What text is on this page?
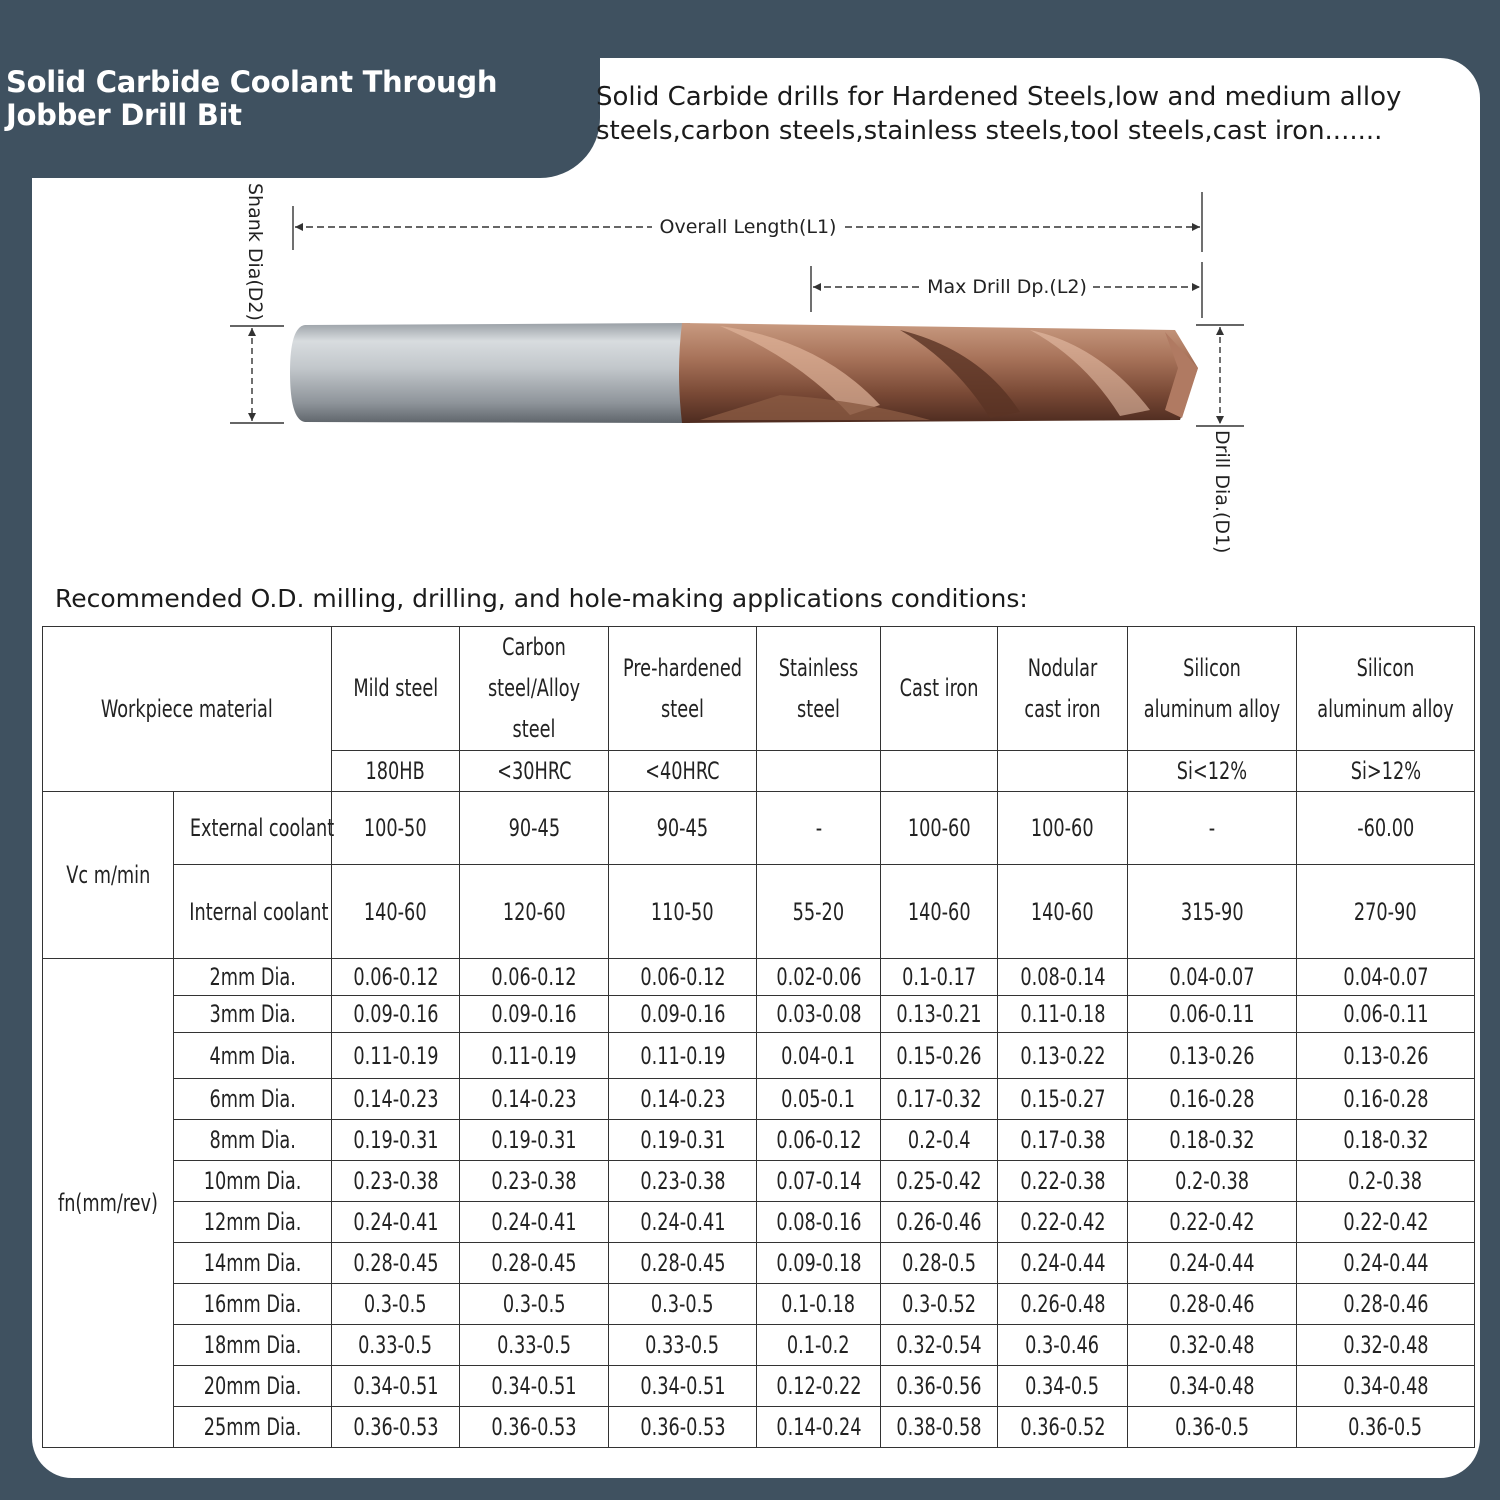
Solid Carbide Coolant Through Jobber Drill Bit

Solid Carbide drills for Hardened Steels,low and medium alloy steels,carbon steels,stainless steels,tool steels,cast iron.......

Overall Length(L1)
Max Drill Dp.(L2)
Shank Dia(D2)
Drill Dia.(D1)

Recommended O.D. milling, drilling, and hole-making applications conditions:

Workpiece material		Mild steel	Carbon steel/Alloy steel	Pre-hardened steel	Stainless steel	Cast iron	Nodular cast iron	Silicon aluminum alloy	Silicon aluminum alloy
		180HB	<30HRC	<40HRC				Si<12%	Si>12%
Vc m/min	External coolant	100-50	90-45	90-45	-	100-60	100-60	-	-60.00
	Internal coolant	140-60	120-60	110-50	55-20	140-60	140-60	315-90	270-90
fn(mm/rev)	2mm Dia.	0.06-0.12	0.06-0.12	0.06-0.12	0.02-0.06	0.1-0.17	0.08-0.14	0.04-0.07	0.04-0.07
	3mm Dia.	0.09-0.16	0.09-0.16	0.09-0.16	0.03-0.08	0.13-0.21	0.11-0.18	0.06-0.11	0.06-0.11
	4mm Dia.	0.11-0.19	0.11-0.19	0.11-0.19	0.04-0.1	0.15-0.26	0.13-0.22	0.13-0.26	0.13-0.26
	6mm Dia.	0.14-0.23	0.14-0.23	0.14-0.23	0.05-0.1	0.17-0.32	0.15-0.27	0.16-0.28	0.16-0.28
	8mm Dia.	0.19-0.31	0.19-0.31	0.19-0.31	0.06-0.12	0.2-0.4	0.17-0.38	0.18-0.32	0.18-0.32
	10mm Dia.	0.23-0.38	0.23-0.38	0.23-0.38	0.07-0.14	0.25-0.42	0.22-0.38	0.2-0.38	0.2-0.38
	12mm Dia.	0.24-0.41	0.24-0.41	0.24-0.41	0.08-0.16	0.26-0.46	0.22-0.42	0.22-0.42	0.22-0.42
	14mm Dia.	0.28-0.45	0.28-0.45	0.28-0.45	0.09-0.18	0.28-0.5	0.24-0.44	0.24-0.44	0.24-0.44
	16mm Dia.	0.3-0.5	0.3-0.5	0.3-0.5	0.1-0.18	0.3-0.52	0.26-0.48	0.28-0.46	0.28-0.46
	18mm Dia.	0.33-0.5	0.33-0.5	0.33-0.5	0.1-0.2	0.32-0.54	0.3-0.46	0.32-0.48	0.32-0.48
	20mm Dia.	0.34-0.51	0.34-0.51	0.34-0.51	0.12-0.22	0.36-0.56	0.34-0.5	0.34-0.48	0.34-0.48
	25mm Dia.	0.36-0.53	0.36-0.53	0.36-0.53	0.14-0.24	0.38-0.58	0.36-0.52	0.36-0.5	0.36-0.5
